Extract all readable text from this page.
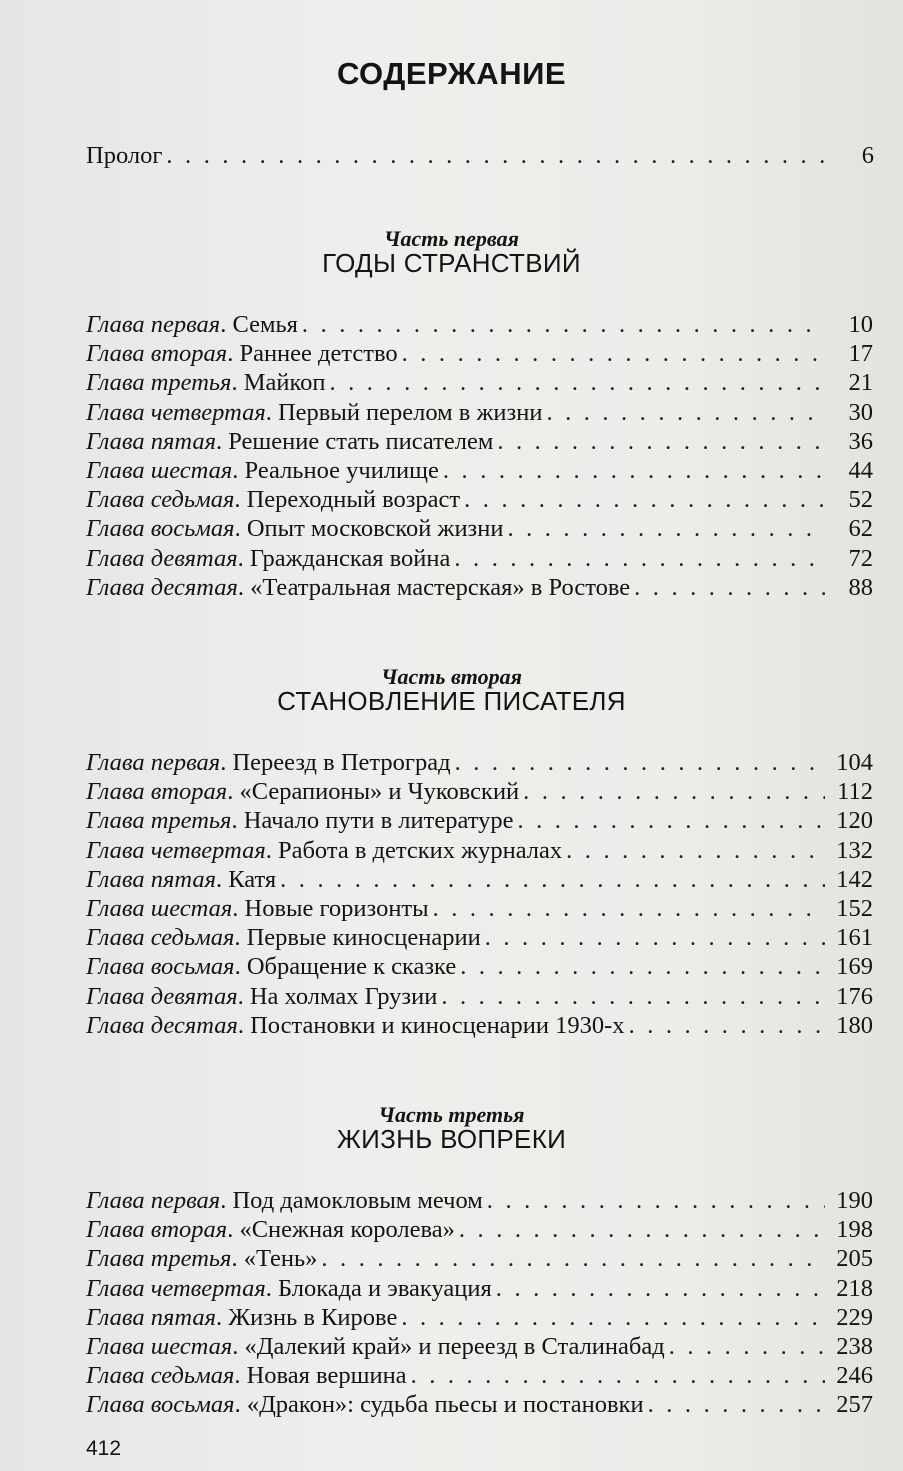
СОДЕРЖАНИЕ
Пролог . . .	6
Часть первая
ГОДЫ СТРАНСТВИЙ
Часть вторая
СТАНОВЛЕНИЕ ПИСАТЕЛЯ
Часть третья
ЖИЗНЬ ВОПРЕКИ
412
Глава первая. Семья . . .	10
Глава вторая. Раннее детство . . .	17
Глава третья. Майкоп . . .	21
Глава четвертая. Первый перелом в жизни . . .	30
Глава пятая. Решение стать писателем . . .	36
Глава шестая. Реальное училище . . .	44
Глава седьмая. Переходный возраст . . .	52
Глава восьмая. Опыт московской жизни . . .	62
Глава девятая. Гражданская война . . .	72
Глава десятая. «Театральная мастерская» в Ростове . . .	88
Глава первая. Переезд в Петроград . . .	104
Глава вторая. «Серапионы» и Чуковский . . .	112
Глава третья. Начало пути в литературе . . .	120
Глава четвертая. Работа в детских журналах . . .	132
Глава пятая. Катя . . .	142
Глава шестая. Новые горизонты . . .	152
Глава седьмая. Первые киносценарии . . .	161
Глава восьмая. Обращение к сказке . . .	169
Глава девятая. На холмах Грузии . . .	176
Глава десятая. Постановки и киносценарии 1930-х . . .	180
Глава первая. Под дамокловым мечом . . .	190
Глава вторая. «Снежная королева» . . .	198
Глава третья. «Тень» . . .	205
Глава четвертая. Блокада и эвакуация . . .	218
Глава пятая. Жизнь в Кирове . . .	229
Глава шестая. «Далекий край» и переезд в Сталинабад . . .	238
Глава седьмая. Новая вершина . . .	246
Глава восьмая. «Дракон»: судьба пьесы и постановки . . .	257
